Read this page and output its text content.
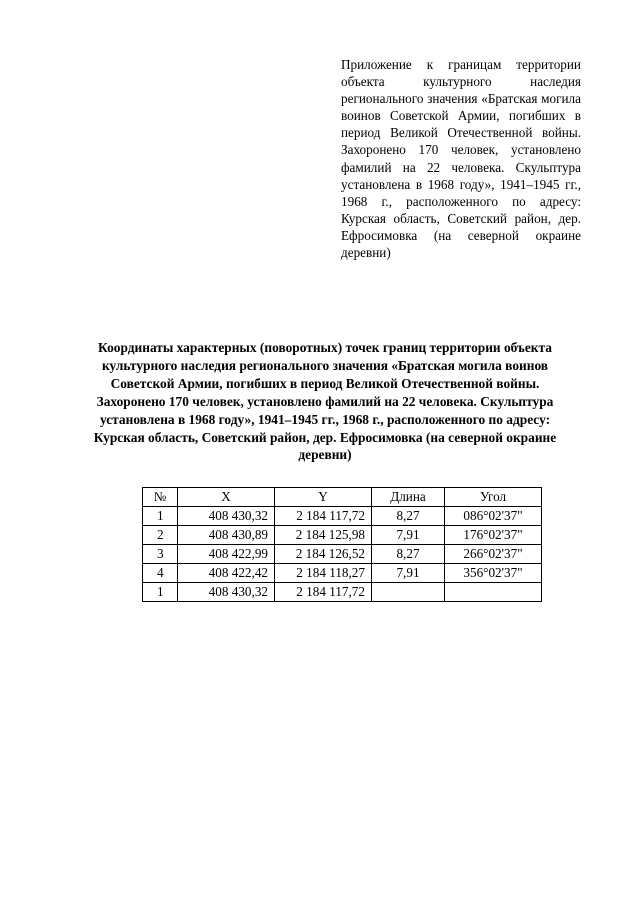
Приложение к границам территории объекта культурного наследия регионального значения «Братская могила воинов Советской Армии, погибших в период Великой Отечественной войны. Захоронено 170 человек, установлено фамилий на 22 человека. Скульптура установлена в 1968 году», 1941–1945 гг., 1968 г., расположенного по адресу: Курская область, Советский район, дер. Ефросимовка (на северной окраине деревни)
Координаты характерных (поворотных) точек границ территории объекта культурного наследия регионального значения «Братская могила воинов Советской Армии, погибших в период Великой Отечественной войны. Захоронено 170 человек, установлено фамилий на 22 человека. Скульптура установлена в 1968 году», 1941–1945 гг., 1968 г., расположенного по адресу: Курская область, Советский район, дер. Ефросимовка (на северной окраине деревни)
№	X	Y	Длина	Угол
1	408 430,32	2 184 117,72	8,27	086°02'37"
2	408 430,89	2 184 125,98	7,91	176°02'37"
3	408 422,99	2 184 126,52	8,27	266°02'37"
4	408 422,42	2 184 118,27	7,91	356°02'37"
1	408 430,32	2 184 117,72		
